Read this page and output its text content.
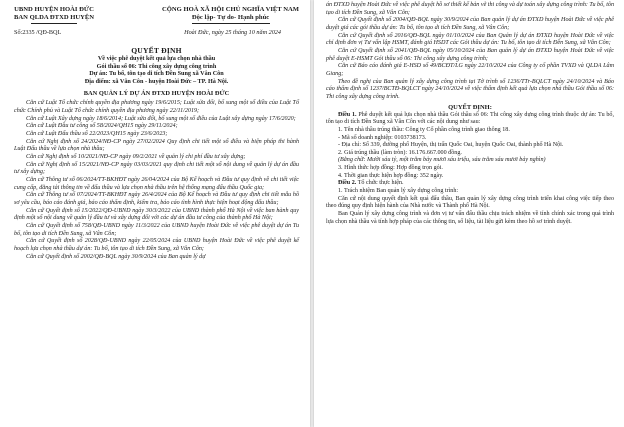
UBND HUYỆN HOÀI ĐỨC
BAN QLDA ĐTXD HUYỆN
CỘNG HOÀ XÃ HỘI CHỦ NGHĨA VIỆT NAM
Độc lập- Tự do- Hạnh phúc
Số:2335 /QĐ-BQL	Hoài Đức, ngày 25 tháng 10 năm 2024
QUYẾT ĐỊNH
Về việc phê duyệt kết quả lựa chọn nhà thầu
Gói thầu số 06: Thi công xây dựng công trình
Dự án: Tu bổ, tôn tạo di tích Đền Sung xã Vân Côn
Địa điểm: xã Vân Côn - huyện Hoài Đức – TP. Hà Nội.
BAN QUẢN LÝ DỰ ÁN ĐTXD HUYỆN HOÀI ĐỨC

Căn cứ Luật Tổ chức chính quyền địa phương ngày 19/6/2015; Luật sửa đổi, bổ sung một số điều của Luật Tổ chức Chính phủ và Luật Tổ chức chính quyền địa phương ngày 22/11/2019;

Căn cứ Luật Xây dựng ngày 18/6/2014; Luật sửa đổi, bổ sung một số điều của Luật xây dựng ngày 17/6/2020;

Căn cứ Luật Đầu tư công số 58/2024/QH15 ngày 29/11/2024;

Căn cứ Luật Đấu thầu số 22/2023/QH15 ngày 23/6/2023;

Căn cứ Nghị định số 24/2024/NĐ-CP ngày 27/02/2024 Quy định chi tiết một số điều và biện pháp thi hành Luật Đấu thầu về lựa chọn nhà thầu;

Căn cứ Nghị định số 10/2021/NĐ-CP ngày 09/2/2021 về quản lý chi phí đầu tư xây dựng;

Căn cứ Nghị định số 15/2021/NĐ-CP ngày 03/03/2021 quy định chi tiết một số nội dung về quản lý dự án đầu tư xây dựng;

Căn cứ Thông tư số 06/2024/TT-BKHĐT ngày 26/04/2024 của Bộ Kế hoạch và Đầu tư quy định về chi tiết việc cung cấp, đăng tải thông tin về đấu thầu và lựa chọn nhà thầu trên hệ thống mạng đấu thầu Quốc gia;

Căn cứ Thông tư số 07/2024/TT-BKHĐT ngày 26/4/2024 của Bộ Kế hoạch và Đầu tư quy định chi tiết mẫu hồ sơ yêu cầu, báo cáo đánh giá, báo cáo thẩm định, kiểm tra, báo cáo tình hình thực hiện hoạt động đấu thầu;

Căn cứ Quyết định số 15/2022/QĐ-UBND ngày 30/3/2022 của UBND thành phố Hà Nội về việc ban hành quy định một số nội dung về quản lý đầu tư và xây dựng đối với các dự án đầu tư công của thành phố Hà Nội;

Căn cứ Quyết định số 758/QĐ-UBND ngày 11/3/2022 của UBND huyện Hoài Đức về việc phê duyệt dự án Tu bổ, tôn tạo di tích Đền Sung, xã Vân Côn;

Căn cứ Quyết định số 2028/QĐ-UBND ngày 22/05/2024 của UBND huyện Hoài Đức về việc phê duyệt kế hoạch lựa chọn nhà thầu dự án: Tu bổ, tôn tạo di tích Đền Sung, xã Vân Côn;

Căn cứ Quyết định số 2002/QĐ-BQL ngày 30/9/2024 của Ban quản lý dự

án ĐTXD huyện Hoài Đức về việc phê duyệt hồ sơ thiết kế bản vẽ thi công và dự toán xây dựng công trình: Tu bổ, tôn tạo di tích Đền Sung, xã Vân Côn;

Căn cứ Quyết định số 2004/QĐ-BQL ngày 30/9/2024 của Ban quản lý dự án ĐTXD huyện Hoài Đức về việc phê duyệt giá các gói thầu dự án: Tu bổ, tôn tạo di tích Đền Sung, xã Vân Côn;

Căn cứ Quyết định số 2016/QĐ-BQL ngày 01/10/2024 của Ban Quản lý dự án ĐTXD huyện Hoài Đức về việc chỉ định đơn vị Tư vấn lập HSMT, đánh giá HSDT các Gói thầu dự án: Tu bổ, tôn tạo di tích Đền Sung, xã Vân Côn;

Căn cứ Quyết định số 2041/QĐ-BQL ngày 05/10/2024 của Ban quản lý dự án ĐTXD huyện Hoài Đức về việc phê duyệt E-HSMT Gói thầu số 06: Thi công xây dựng công trình;

Căn cứ Báo cáo đánh giá E-HSD số 49/BCĐT/LG ngày 22/10/2024 của Công ty cổ phần TVXD và QLDA Lâm Giang;

Theo đề nghị của Ban quản lý xây dựng công trình tại Tờ trình số 1236/TTr-BQLCT ngày 24/10/2024 và Báo cáo thẩm định số 1237/BCTĐ-BQLCT ngày 24/10/2024 về việc thẩm định kết quả lựa chọn nhà thầu Gói thầu số 06: Thi công xây dựng công trình.

QUYẾT ĐỊNH:

Điều 1. Phê duyệt kết quả lựa chọn nhà thầu Gói thầu số 06: Thi công xây dựng công trình thuộc dự án: Tu bổ, tôn tạo di tích Đền Sung xã Vân Côn với các nội dung như sau:

1. Tên nhà thầu trúng thầu: Công ty Cổ phần công trình giao thông 18.

- Mã số doanh nghiệp: 0103738173.

- Địa chỉ: Số 339, đường phố Huyện, thị trấn Quốc Oai, huyện Quốc Oai, thành phố Hà Nội.

2. Giá trúng thầu (làm tròn): 16.176.667.000 đồng.

(Bằng chữ: Mười sáu tỷ, một trăm bảy mươi sáu triệu, sáu trăm sáu mươi bảy nghìn)

3. Hình thức hợp đồng: Hợp đồng trọn gói.

4. Thời gian thực hiện hợp đồng: 352 ngày.

Điều 2. Tổ chức thực hiện.

1. Trách nhiệm Ban quản lý xây dựng công trình:

Căn cứ nội dung quyết định kết quả đấu thầu, Ban quản lý xây dựng công trình triển khai công việc tiếp theo theo đúng quy định hiện hành của Nhà nước và Thành phố Hà Nội.

Ban Quản lý xây dựng công trình và đơn vị tư vấn đấu thầu chịu trách nhiệm về tính chính xác trong quá trình lựa chọn nhà thầu và tính hợp pháp của các thông tin, số liệu, tài liệu gửi kèm theo hồ sơ trình duyệt.
